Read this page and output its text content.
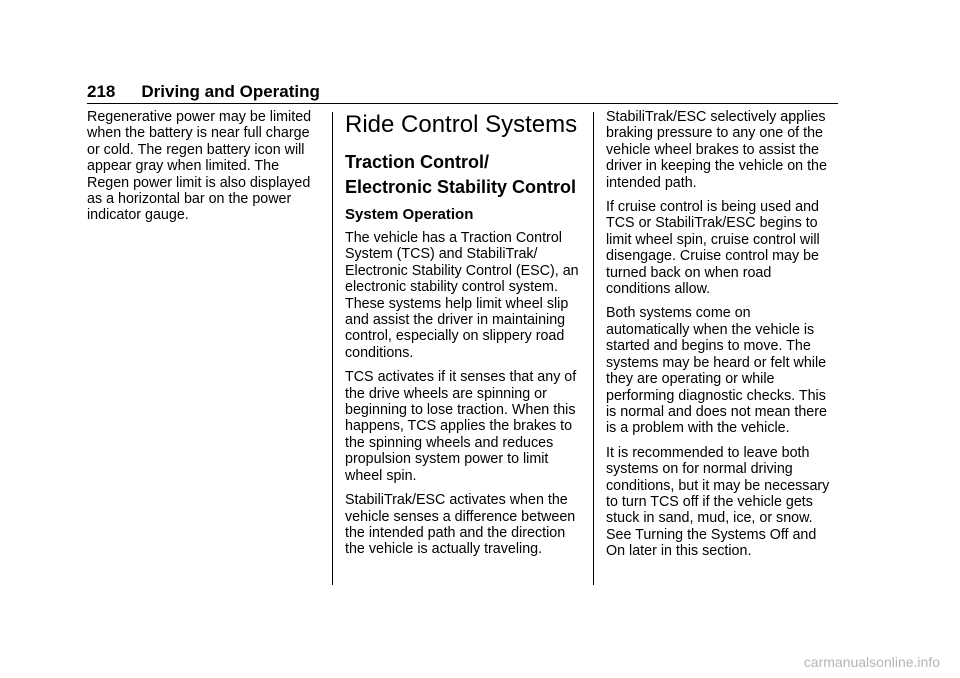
218 Driving and Operating

Regenerative power may be limited when the battery is near full charge or cold. The regen battery icon will appear gray when limited. The Regen power limit is also displayed as a horizontal bar on the power indicator gauge.

Ride Control Systems
Traction Control/ Electronic Stability Control
System Operation

The vehicle has a Traction Control System (TCS) and StabiliTrak/ Electronic Stability Control (ESC), an electronic stability control system. These systems help limit wheel slip and assist the driver in maintaining control, especially on slippery road conditions.

TCS activates if it senses that any of the drive wheels are spinning or beginning to lose traction. When this happens, TCS applies the brakes to the spinning wheels and reduces propulsion system power to limit wheel spin.

StabiliTrak/ESC activates when the vehicle senses a difference between the intended path and the direction the vehicle is actually traveling.

StabiliTrak/ESC selectively applies braking pressure to any one of the vehicle wheel brakes to assist the driver in keeping the vehicle on the intended path.

If cruise control is being used and TCS or StabiliTrak/ESC begins to limit wheel spin, cruise control will disengage. Cruise control may be turned back on when road conditions allow.

Both systems come on automatically when the vehicle is started and begins to move. The systems may be heard or felt while they are operating or while performing diagnostic checks. This is normal and does not mean there is a problem with the vehicle.

It is recommended to leave both systems on for normal driving conditions, but it may be necessary to turn TCS off if the vehicle gets stuck in sand, mud, ice, or snow. See Turning the Systems Off and On later in this section.

carmanualsonline.info
